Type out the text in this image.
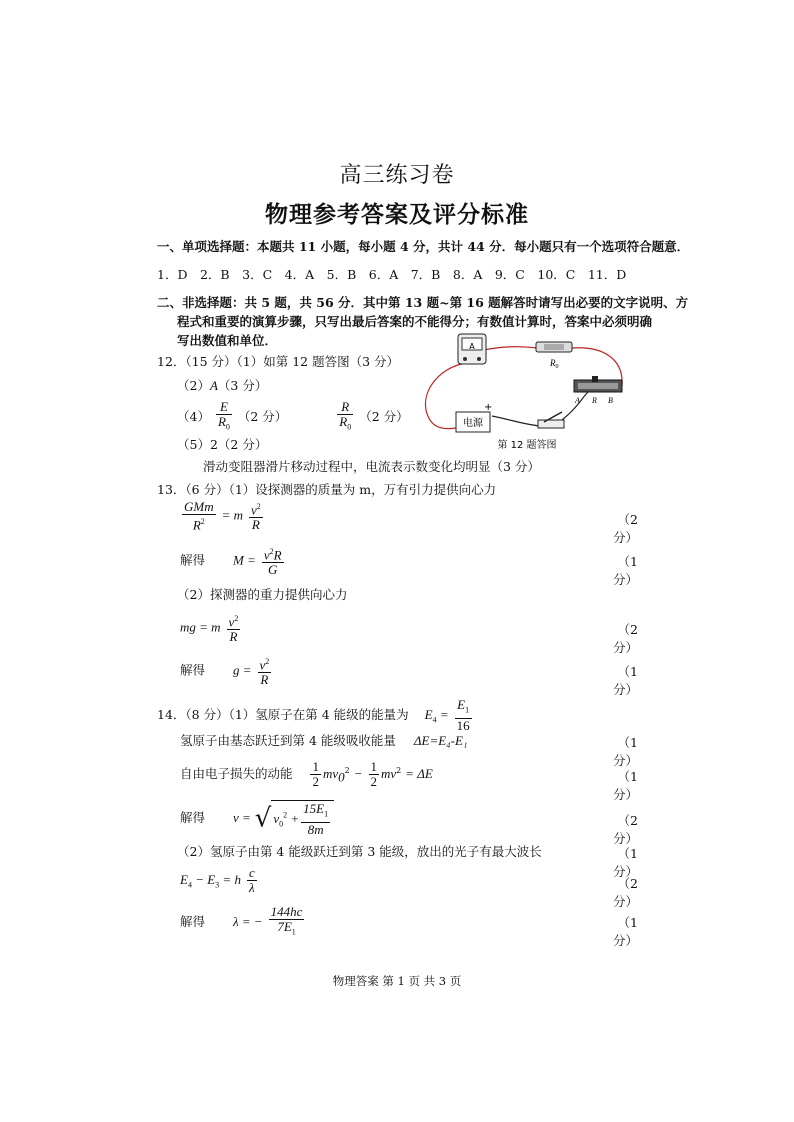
高三练习卷
物理参考答案及评分标准
一、单项选择题：本题共 11 小题，每小题 4 分，共计 44 分．每小题只有一个选项符合题意．
1．D　2．B　3．C　4．A　5．B　6．A　7．B　8．A　9．C　10．C　11．D
二、非选择题：共 5 题，共 56 分．其中第 13 题~第 16 题解答时请写出必要的文字说明、方
程式和重要的演算步骤，只写出最后答案的不能得分；有数值计算时，答案中必须明确
写出数值和单位．
12．（15 分）（1）如第 12 题答图（3 分）
（2）A（3 分）
$(4) \frac{E}{R_0} (2$ 分）	$\frac{R}{R_0} (2$ 分）
（5）2（2 分）
滑动变阻器滑片移动过程中，电流表示数变化均明显（3 分）
A
$R_0$
A R B
电源
+
第 12 题答图
13．（6 分）（1）设探测器的质量为 m，万有引力提供向心力
$\frac{\text{GMm}}{R^2} = m \frac{v^2}{R}$	（2 分）
解得 $M = \frac{v^2R}{G}$	（1 分）
（2）探测器的重力提供向心力
mg = m $\frac{v^2}{R}$	（2 分）
解得 $g = \frac{v^2}{R}$	（1 分）
14．（8 分）（1）氢原子在第 4 能级的能量为 $E_4 = \frac{E_1}{16}$
氢原子由基态跃迁到第 4 能级吸收能量 ΔE=E₄-E₁	（1 分）
自由电子损失的动能 $\frac{1}{2} mv_0^2 - \frac{1}{2} mv^2 = \Delta E$	（1 分）
解得 v = √ $v_0^2 + \frac{15E_1}{8m}$	（2 分）
（2）氢原子由第 4 能级跃迁到第 3 能级，放出的光子有最大波长	（1 分）
$E_4 - E_3 = h \frac{c}{\lambda}$	（2 分）
解得 λ = − $\frac{144hc}{7E_1}$	（1 分）
物理答案 第 1 页 共 3 页
